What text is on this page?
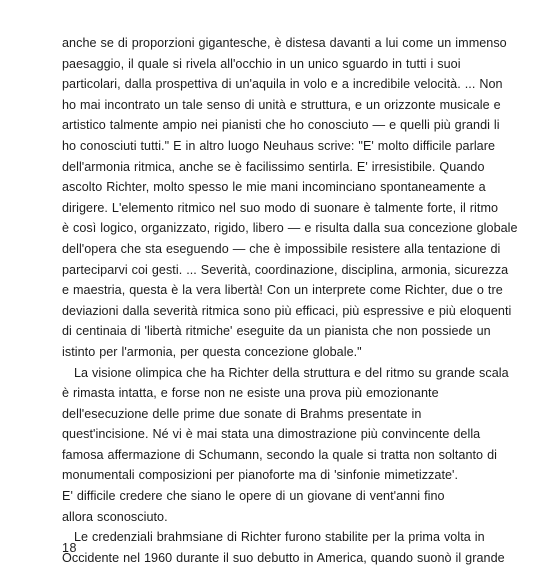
anche se di proporzioni gigantesche, è distesa davanti a lui come un immenso
paesaggio, il quale si rivela all'occhio in un unico sguardo in tutti i suoi
particolari, dalla prospettiva di un'aquila in volo e a incredibile velocità. ... Non
ho mai incontrato un tale senso di unità e struttura, e un orizzonte musicale e
artistico talmente ampio nei pianisti che ho conosciuto — e quelli più grandi li
ho conosciuti tutti." E in altro luogo Neuhaus scrive: "E' molto difficile parlare
dell'armonia ritmica, anche se è facilissimo sentirla. E' irresistibile. Quando
ascolto Richter, molto spesso le mie mani incominciano spontaneamente a
dirigere. L'elemento ritmico nel suo modo di suonare è talmente forte, il ritmo
è così logico, organizzato, rigido, libero — e risulta dalla sua concezione globale
dell'opera che sta eseguendo — che è impossibile resistere alla tentazione di
parteciparvi coi gesti. ... Severità, coordinazione, disciplina, armonia, sicurezza
e maestria, questa è la vera libertà! Con un interprete come Richter, due o tre
deviazioni dalla severità ritmica sono più efficaci, più espressive e più eloquenti
di centinaia di 'libertà ritmiche' eseguite da un pianista che non possiede un
istinto per l'armonia, per questa concezione globale."
La visione olimpica che ha Richter della struttura e del ritmo su grande scala
è rimasta intatta, e forse non ne esiste una prova più emozionante
dell'esecuzione delle prime due sonate di Brahms presentate in
quest'incisione. Né vi è mai stata una dimostrazione più convincente della
famosa affermazione di Schumann, secondo la quale si tratta non soltanto di
monumentali composizioni per pianoforte ma di 'sinfonie mimetizzate'.
E' difficile credere che siano le opere di un giovane di vent'anni fino
allora sconosciuto.
Le credenziali brahmsiane di Richter furono stabilite per la prima volta in
Occidente nel 1960 durante il suo debutto in America, quando suonò il grande
18
